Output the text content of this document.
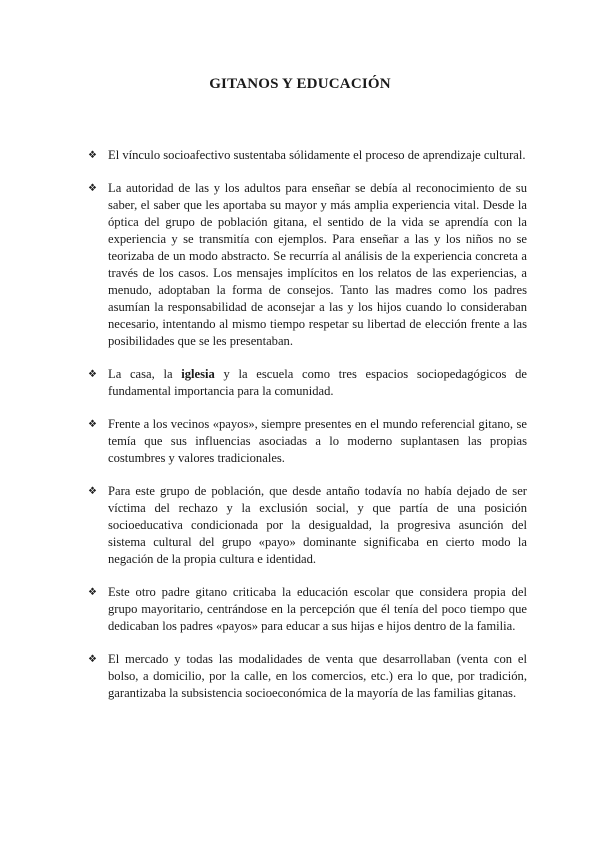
GITANOS Y EDUCACIÓN
❖ El vínculo socioafectivo sustentaba sólidamente el proceso de aprendizaje cultural.
❖ La autoridad de las y los adultos para enseñar se debía al reconocimiento de su saber, el saber que les aportaba su mayor y más amplia experiencia vital. Desde la óptica del grupo de población gitana, el sentido de la vida se aprendía con la experiencia y se transmitía con ejemplos. Para enseñar a las y los niños no se teorizaba de un modo abstracto. Se recurría al análisis de la experiencia concreta a través de los casos. Los mensajes implícitos en los relatos de las experiencias, a menudo, adoptaban la forma de consejos. Tanto las madres como los padres asumían la responsabilidad de aconsejar a las y los hijos cuando lo consideraban necesario, intentando al mismo tiempo respetar su libertad de elección frente a las posibilidades que se les presentaban.
❖ La casa, la iglesia y la escuela como tres espacios sociopedagógicos de fundamental importancia para la comunidad.
❖ Frente a los vecinos «payos», siempre presentes en el mundo referencial gitano, se temía que sus influencias asociadas a lo moderno suplantasen las propias costumbres y valores tradicionales.
❖ Para este grupo de población, que desde antaño todavía no había dejado de ser víctima del rechazo y la exclusión social, y que partía de una posición socioeducativa condicionada por la desigualdad, la progresiva asunción del sistema cultural del grupo «payo» dominante significaba en cierto modo la negación de la propia cultura e identidad.
❖ Este otro padre gitano criticaba la educación escolar que considera propia del grupo mayoritario, centrándose en la percepción que él tenía del poco tiempo que dedicaban los padres «payos» para educar a sus hijas e hijos dentro de la familia.
❖ El mercado y todas las modalidades de venta que desarrollaban (venta con el bolso, a domicilio, por la calle, en los comercios, etc.) era lo que, por tradición, garantizaba la subsistencia socioeconómica de la mayoría de las familias gitanas.
